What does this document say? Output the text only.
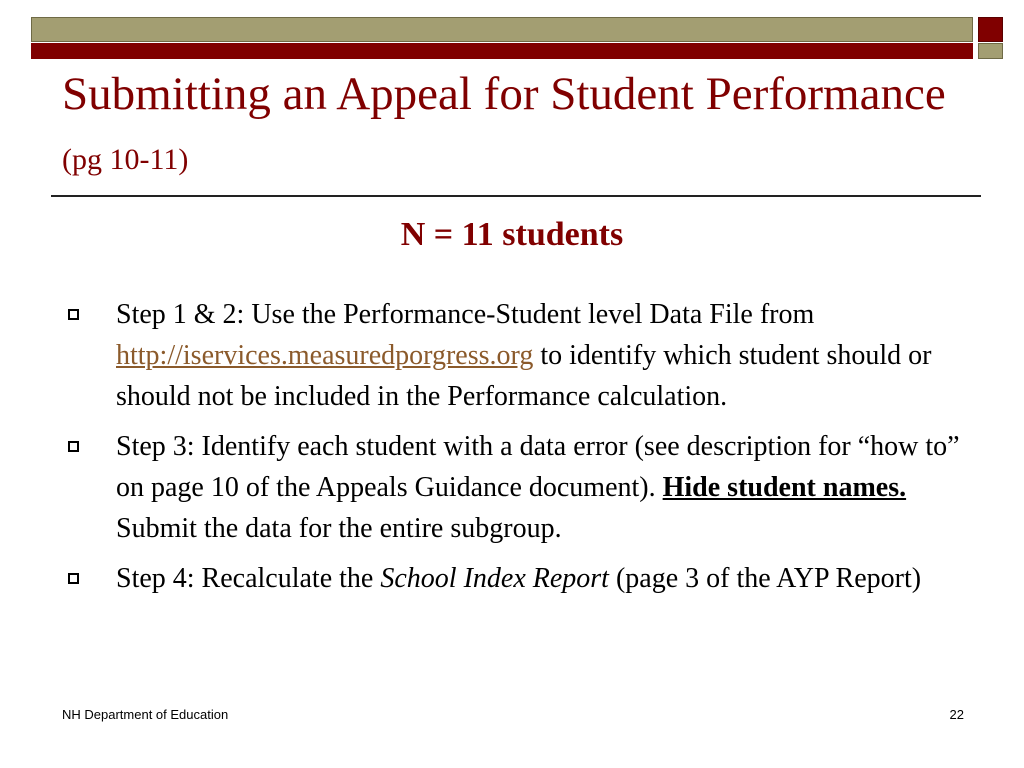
Submitting an Appeal for Student Performance (pg 10-11)
N = 11 students
Step 1 & 2: Use the Performance-Student level Data File from http://iservices.measuredporgress.org to identify which student should or should not be included in the Performance calculation.
Step 3: Identify each student with a data error (see description for “how to” on page 10 of the Appeals Guidance document). Hide student names. Submit the data for the entire subgroup.
Step 4: Recalculate the School Index Report (page 3 of the AYP Report)
NH Department of Education	22
